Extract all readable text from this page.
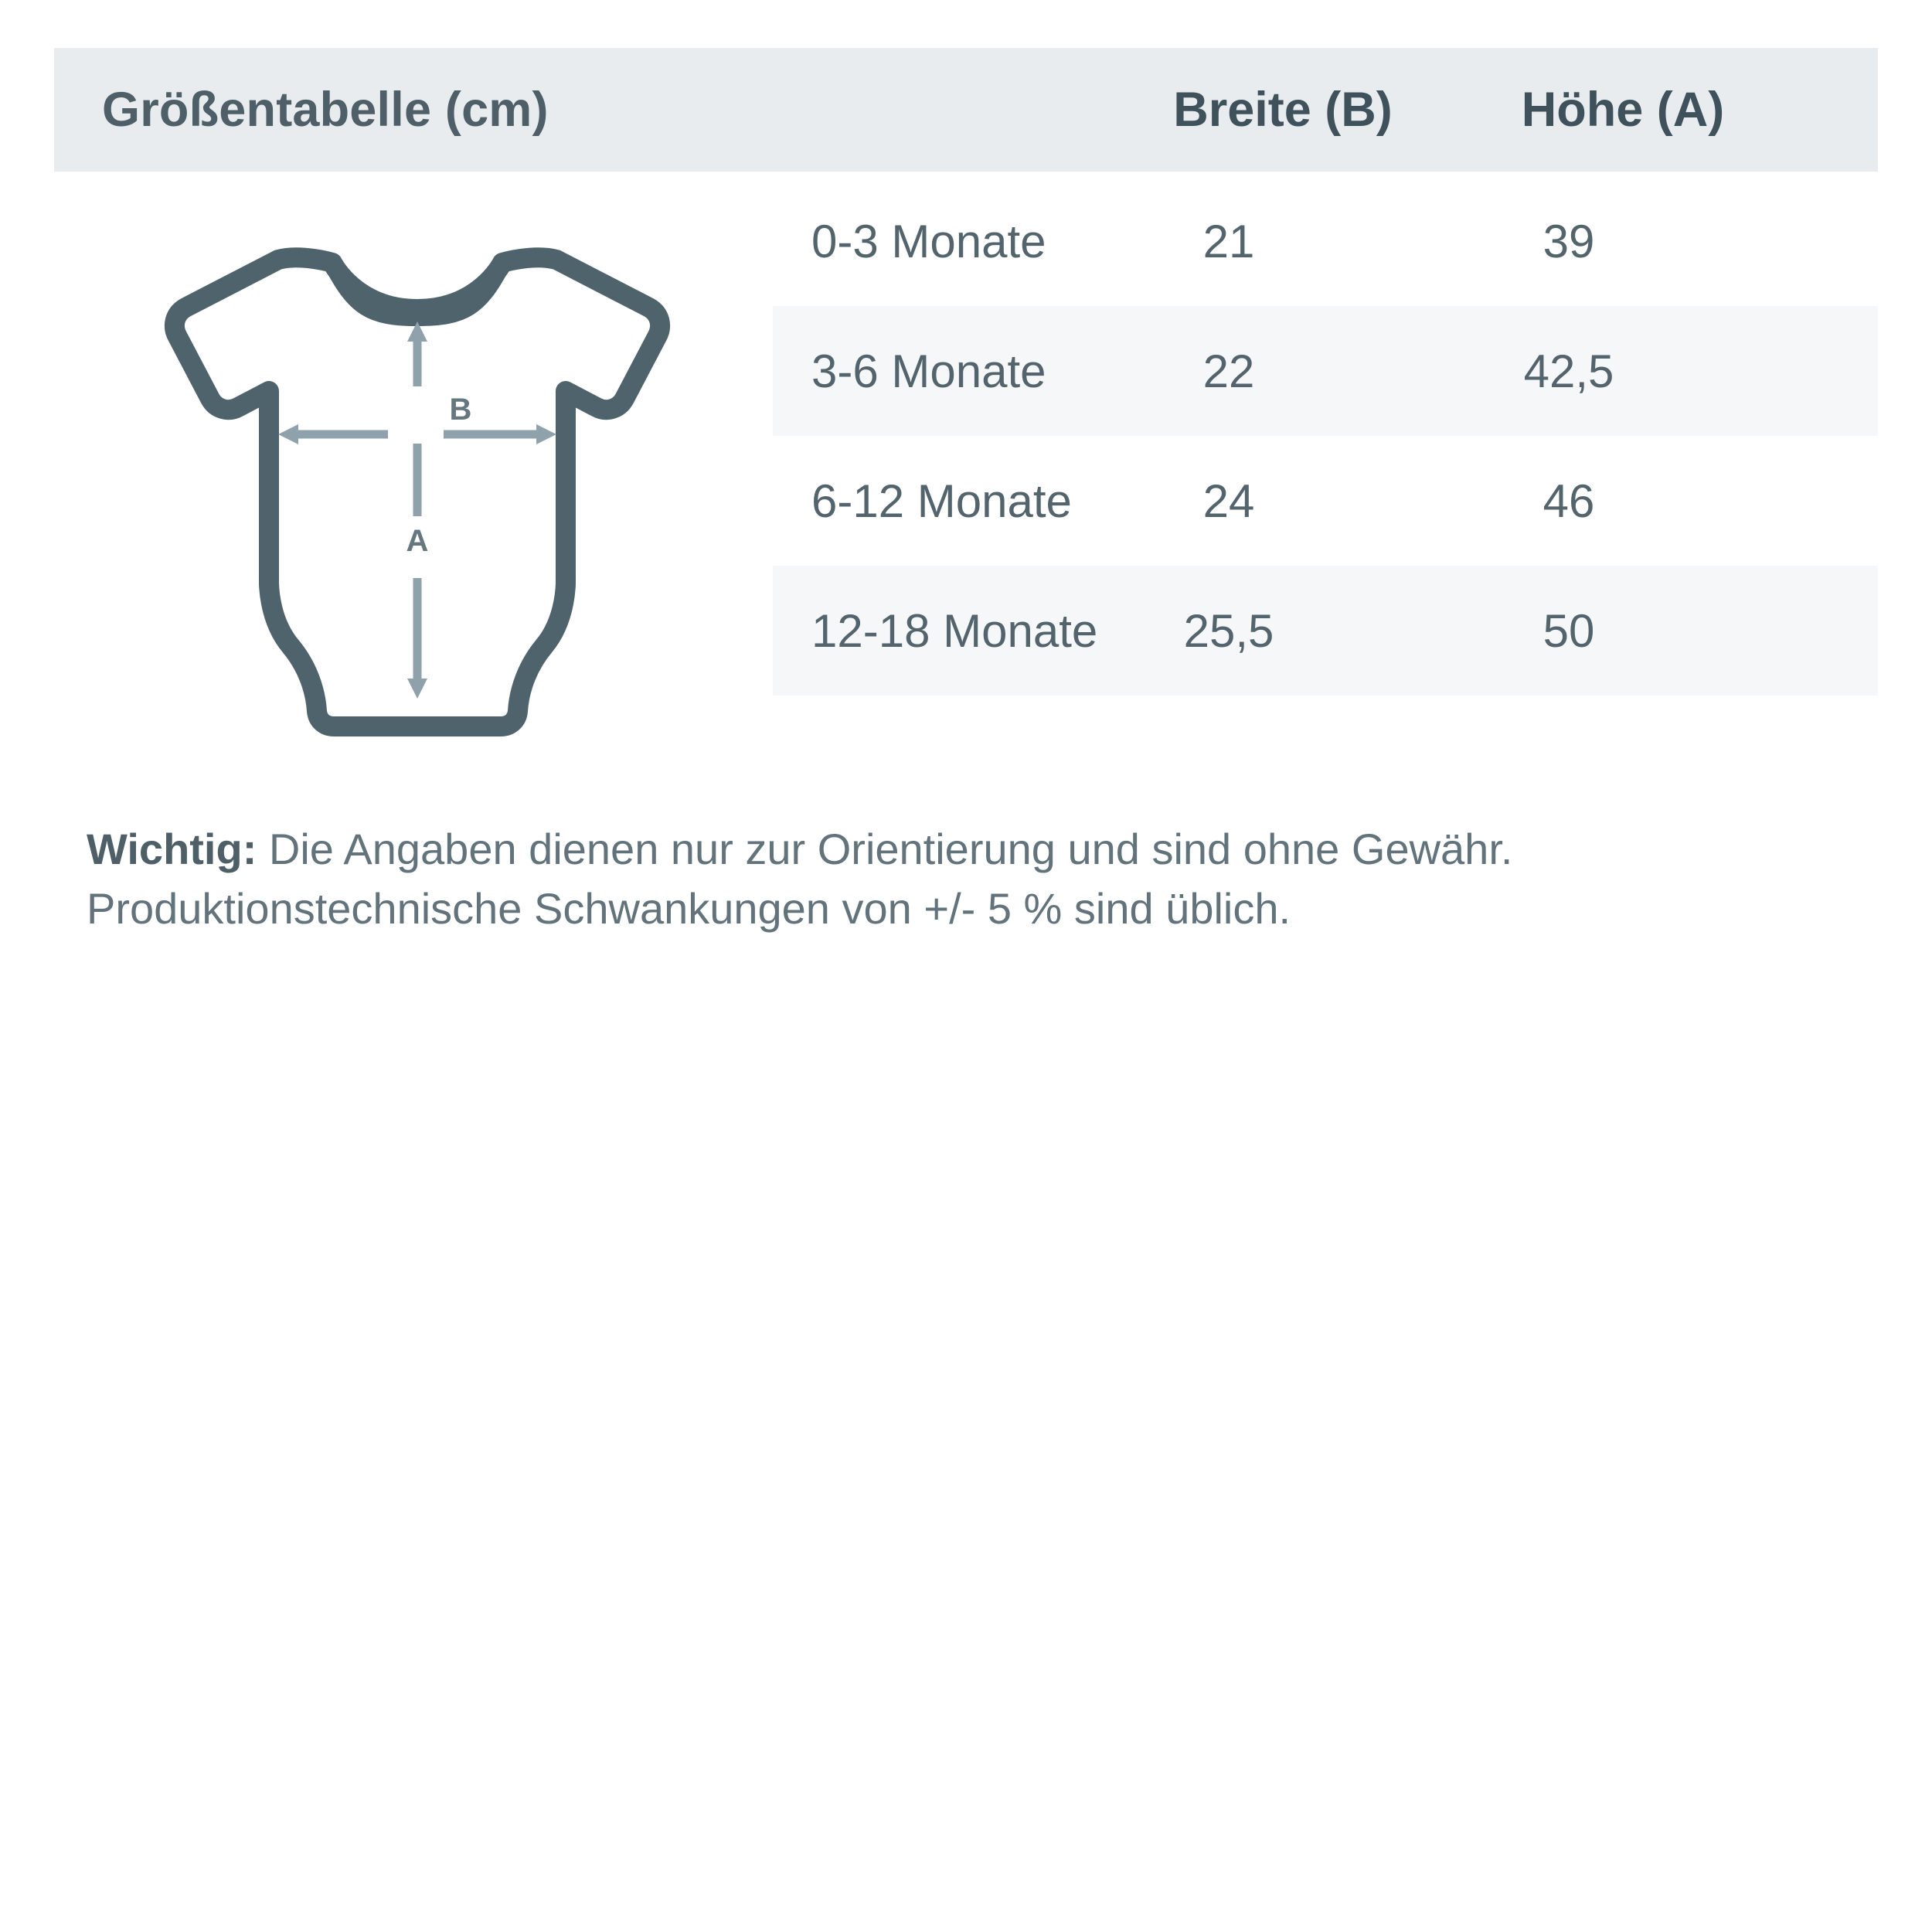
Größentabelle (cm)	Breite (B)	Höhe (A)
B
A
0-3 Monate	21	39
3-6 Monate	22	42,5
6-12 Monate	24	46
12-18 Monate	25,5	50
Wichtig: Die Angaben dienen nur zur Orientierung und sind ohne Gewähr. Produktionstechnische Schwankungen von +/- 5 % sind üblich.
